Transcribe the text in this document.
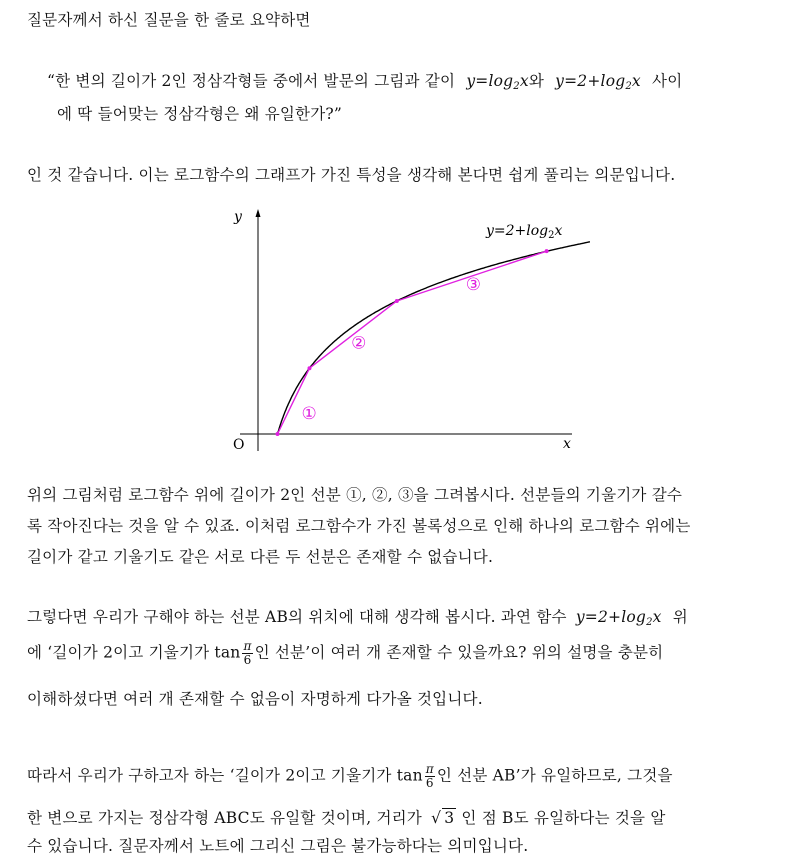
질문자께서 하신 질문을 한 줄로 요약하면
“한 변의 길이가 2인 정삼각형들 중에서 발문의 그림과 같이 $y=\log_2x$와 $y=2+\log_2x$ 사이
에 딱 들어맞는 정삼각형은 왜 유일한가?”
인 것 같습니다. 이는 로그함수의 그래프가 가진 특성을 생각해 본다면 쉽게 풀리는 의문입니다.
y
x
O
$y=2+\log_2x$
①
②
③
위의 그림처럼 로그함수 위에 길이가 2인 선분 ①, ②, ③을 그려봅시다. 선분들의 기울기가 갈수
록 작아진다는 것을 알 수 있죠. 이처럼 로그함수가 가진 볼록성으로 인해 하나의 로그함수 위에는
길이가 같고 기울기도 같은 서로 다른 두 선분은 존재할 수 없습니다.
그렇다면 우리가 구해야 하는 선분 AB의 위치에 대해 생각해 봅시다. 과연 함수 $y=2+\log_2x$ 위
에 ‘길이가 2이고 기울기가 $\tan \frac{\pi}{6}$ 인 선분’이 여러 개 존재할 수 있을까요? 위의 설명을 충분히
이해하셨다면 여러 개 존재할 수 없음이 자명하게 다가올 것입니다.
따라서 우리가 구하고자 하는 ‘길이가 2이고 기울기가 $\tan \frac{\pi}{6}$ 인 선분 AB’가 유일하므로, 그것을
한 변으로 가지는 정삼각형 ABC도 유일할 것이며, 거리가 √ 3 인 점 B도 유일하다는 것을 알
수 있습니다. 질문자께서 노트에 그리신 그림은 불가능하다는 의미입니다.
